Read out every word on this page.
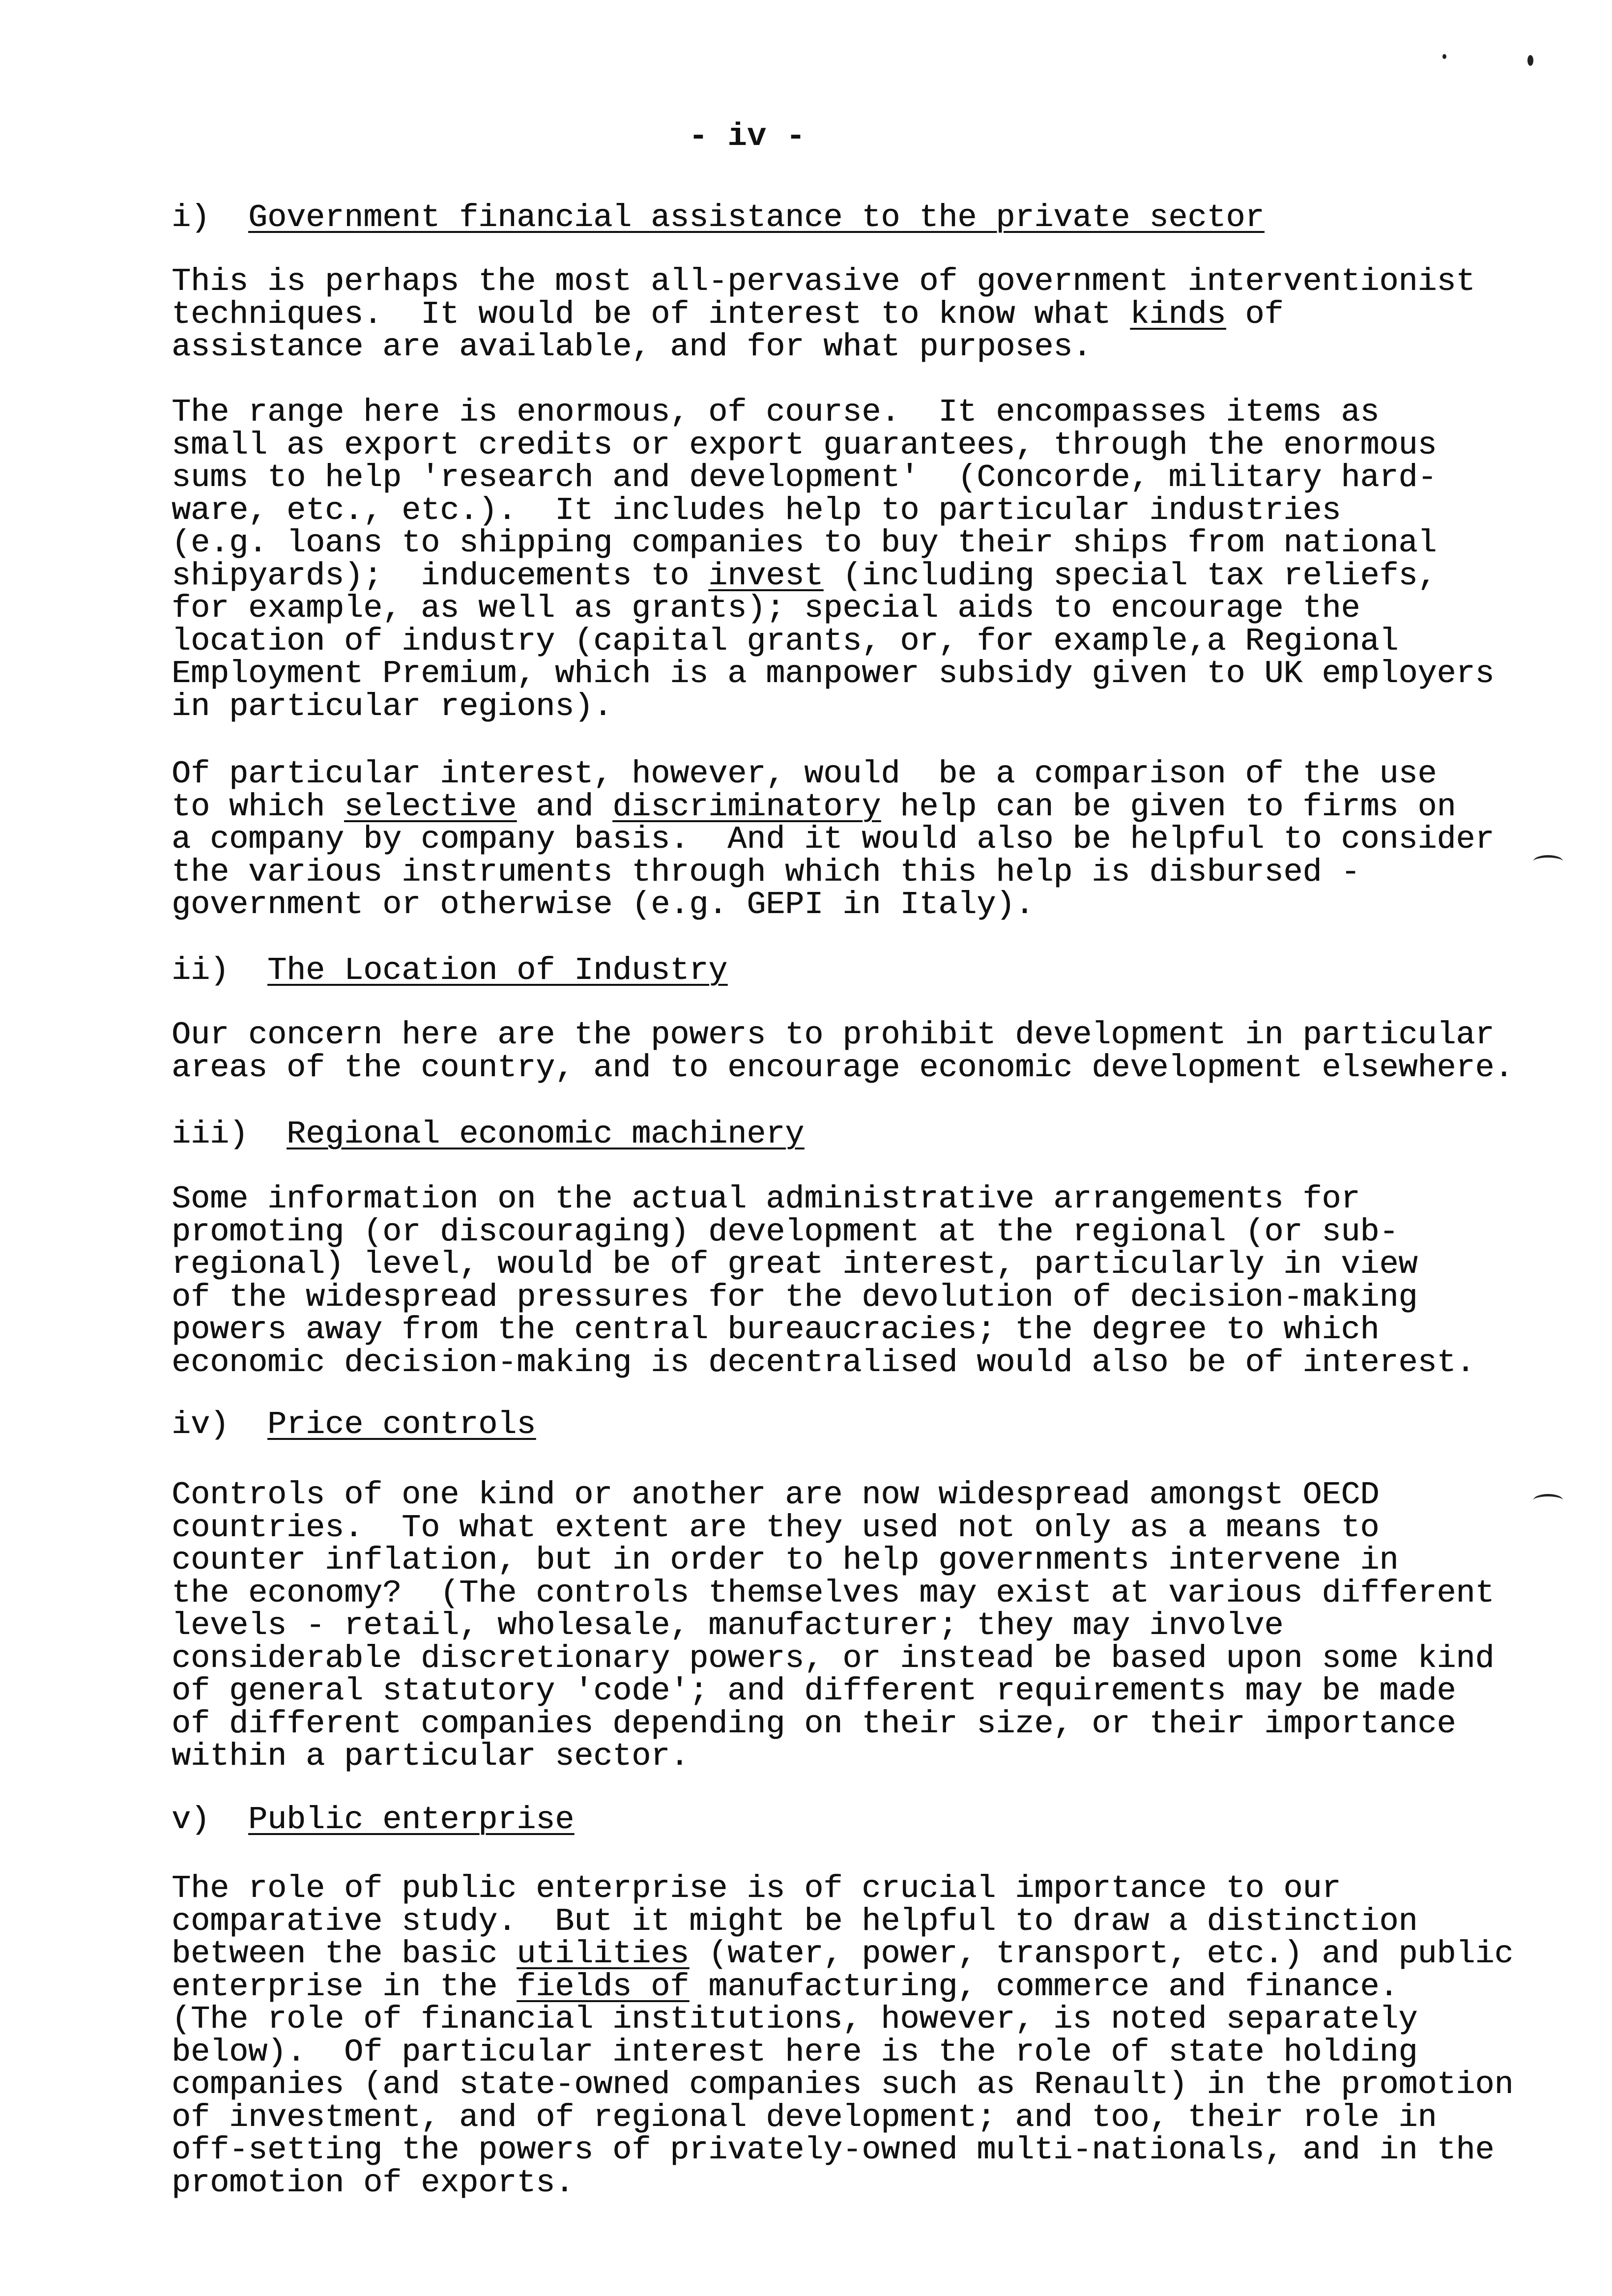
- iv -
i) Government financial assistance to the private sector
This is perhaps the most all-pervasive of government interventionist
techniques.  It would be of interest to know what kinds of
assistance are available, and for what purposes.
The range here is enormous, of course.  It encompasses items as
small as export credits or export guarantees, through the enormous
sums to help 'research and development'  (Concorde, military hard-
ware, etc., etc.).  It includes help to particular industries
(e.g. loans to shipping companies to buy their ships from national
shipyards);  inducements to invest (including special tax reliefs,
for example, as well as grants); special aids to encourage the
location of industry (capital grants, or, for example,a Regional
Employment Premium, which is a manpower subsidy given to UK employers
in particular regions).
Of particular interest, however, would  be a comparison of the use
to which selective and discriminatory help can be given to firms on
a company by company basis.  And it would also be helpful to consider
the various instruments through which this help is disbursed -
government or otherwise (e.g. GEPI in Italy).
ii) The Location of Industry
Our concern here are the powers to prohibit development in particular
areas of the country, and to encourage economic development elsewhere.
iii) Regional economic machinery
Some information on the actual administrative arrangements for
promoting (or discouraging) development at the regional (or sub-
regional) level, would be of great interest, particularly in view
of the widespread pressures for the devolution of decision-making
powers away from the central bureaucracies; the degree to which
economic decision-making is decentralised would also be of interest.
iv) Price controls
Controls of one kind or another are now widespread amongst OECD
countries.  To what extent are they used not only as a means to
counter inflation, but in order to help governments intervene in
the economy?  (The controls themselves may exist at various different
levels - retail, wholesale, manufacturer; they may involve
considerable discretionary powers, or instead be based upon some kind
of general statutory 'code'; and different requirements may be made
of different companies depending on their size, or their importance
within a particular sector.
v) Public enterprise
The role of public enterprise is of crucial importance to our
comparative study.  But it might be helpful to draw a distinction
between the basic utilities (water, power, transport, etc.) and public
enterprise in the fields of manufacturing, commerce and finance.
(The role of financial institutions, however, is noted separately
below).  Of particular interest here is the role of state holding
companies (and state-owned companies such as Renault) in the promotion
of investment, and of regional development; and too, their role in
off-setting the powers of privately-owned multi-nationals, and in the
promotion of exports.
